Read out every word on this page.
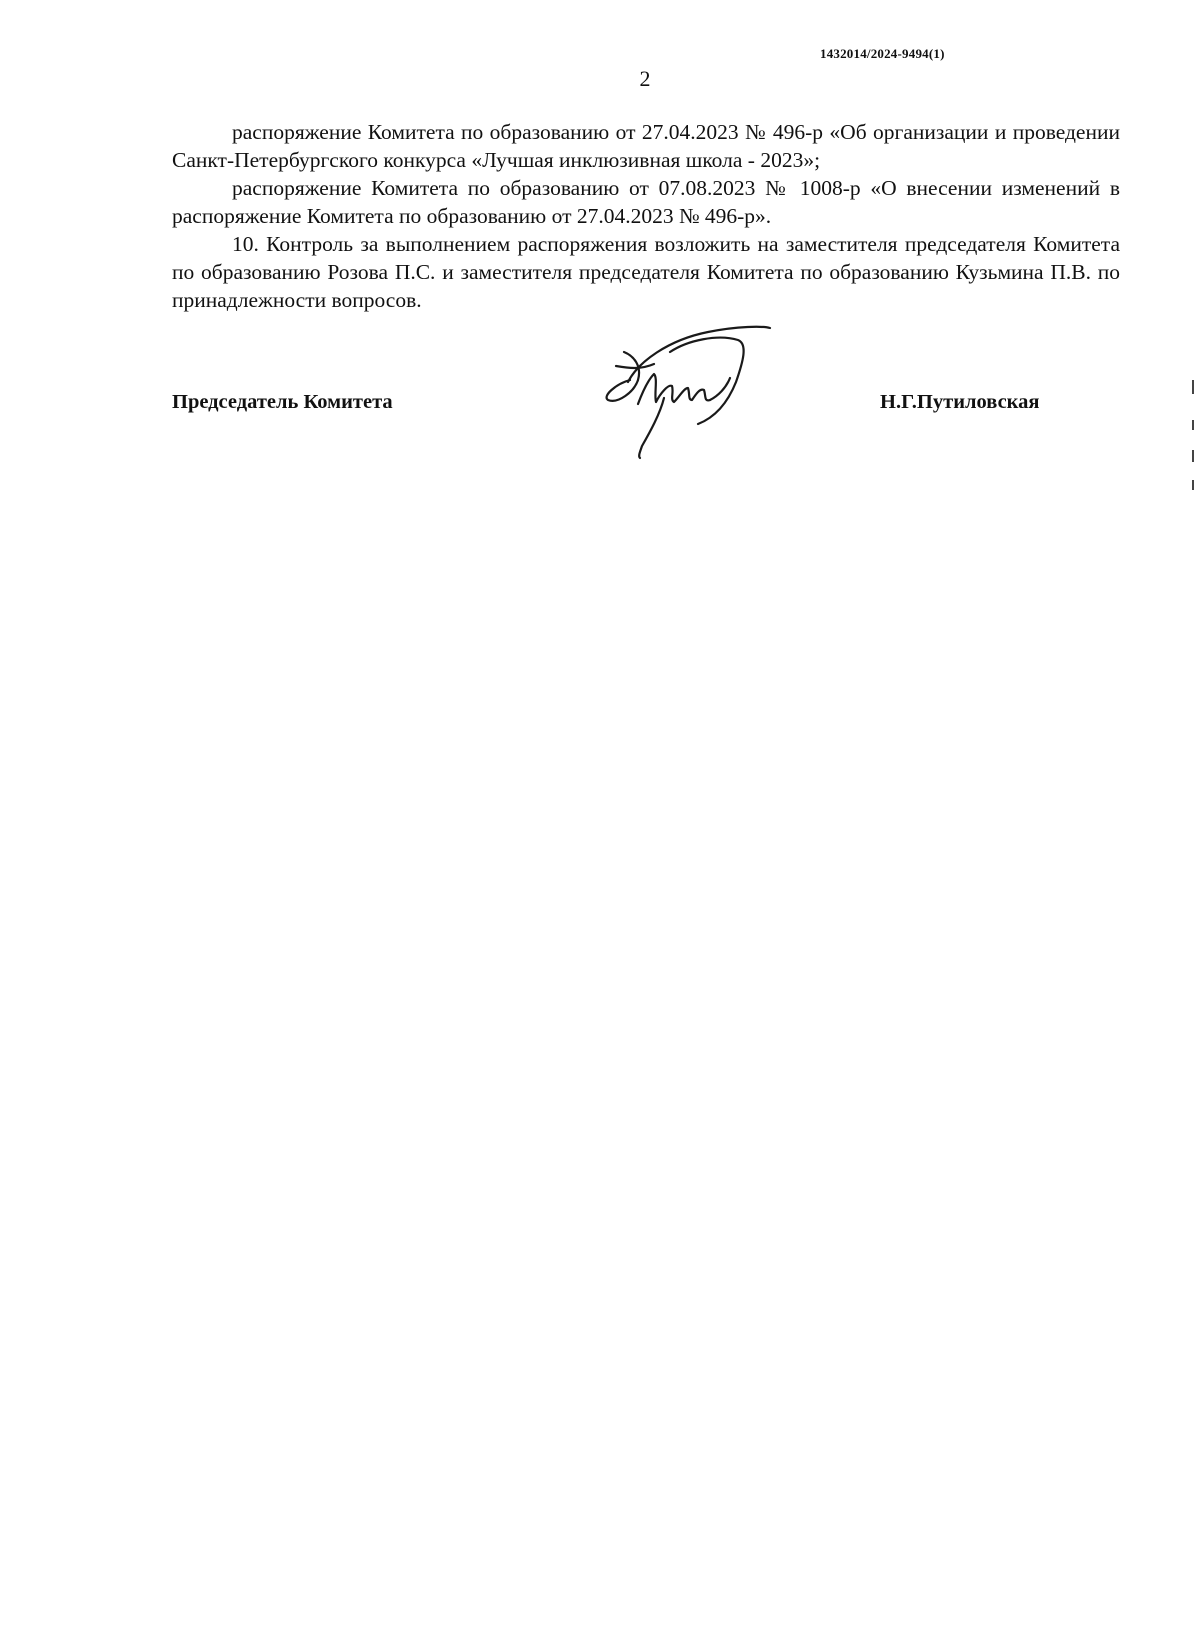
1432014/2024-9494(1)
2

распоряжение Комитета по образованию от 27.04.2023 № 496-р «Об организации и проведении Санкт-Петербургского конкурса «Лучшая инклюзивная школа - 2023»;

распоряжение Комитета по образованию от 07.08.2023 № 1008-р «О внесении изменений в распоряжение Комитета по образованию от 27.04.2023 № 496-р».

10. Контроль за выполнением распоряжения возложить на заместителя председателя Комитета по образованию Розова П.С. и заместителя председателя Комитета по образованию Кузьмина П.В. по принадлежности вопросов.

Председатель Комитета	Н.Г.Путиловская
